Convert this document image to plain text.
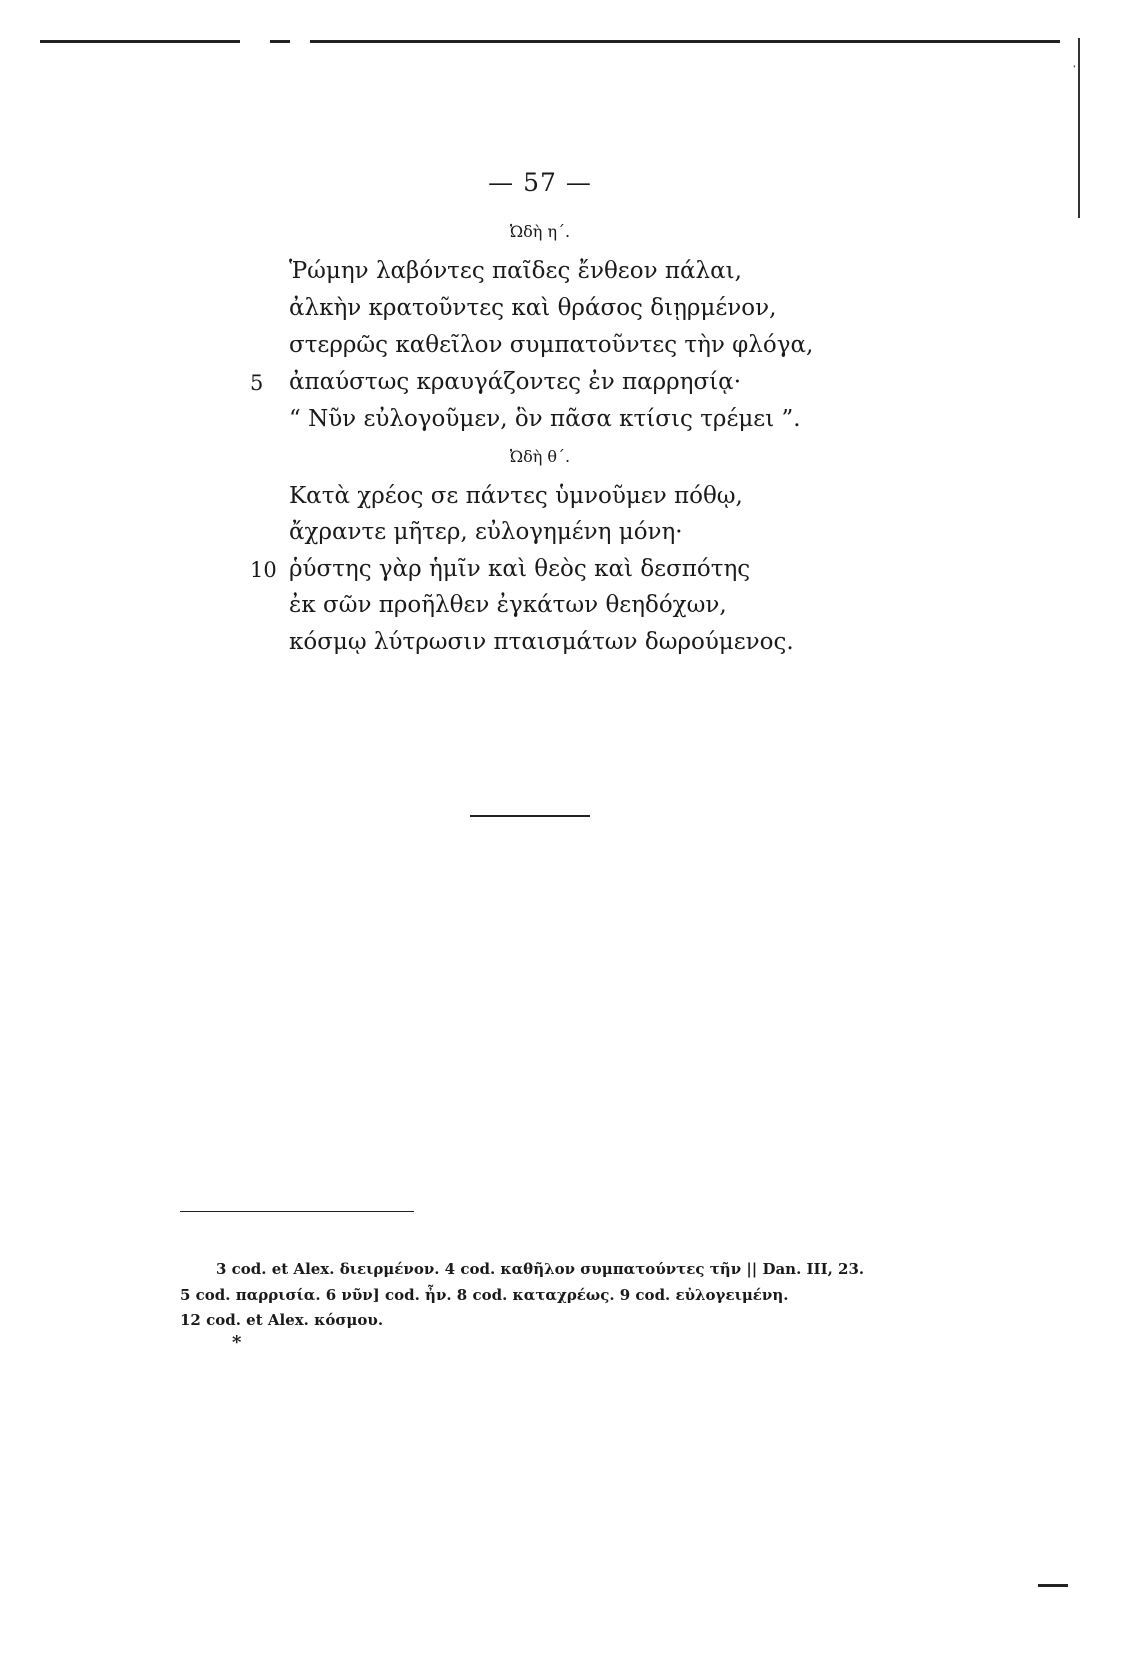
ˑ
— 57 —
Ὠδὴ η΄.
Ῥώμην λαβόντες παῖδες ἔνθεον πάλαι,
ἀλκὴν κρατοῦντες καὶ θράσος διῃρμένον,
στερρῶς καθεῖλον συμπατοῦντες τὴν φλόγα,
5 ἀπαύστως κραυγάζοντες ἐν παρρησίᾳ·
“ Νῦν εὐλογοῦμεν, ὃν πᾶσα κτίσις τρέμει ”.
Ὠδὴ θ΄.
Κατὰ χρέος σε πάντες ὑμνοῦμεν πόθῳ,
ἄχραντε μῆτερ, εὐλογημένη μόνη·
10 ῥύστης γὰρ ἡμῖν καὶ θεὸς καὶ δεσπότης
ἐκ σῶν προῆλθεν ἐγκάτων θεηδόχων,
κόσμῳ λύτρωσιν πταισμάτων δωρούμενος.
3 cod. et Alex. διειρμένον. 4 cod. καθῆλον συμπατούντες τῆν || Dan. III, 23.
5 cod. παρρισία. 6 νῦν] cod. ἦν. 8 cod. καταχρέως. 9 cod. εὐλογειμένη.
12 cod. et Alex. κόσμου.
*
